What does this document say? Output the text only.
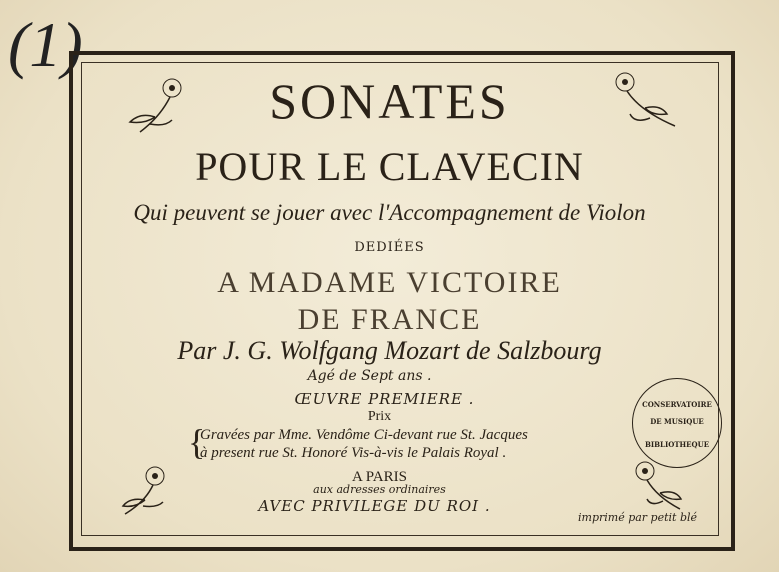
(1)
SONATES
POUR LE CLAVECIN
Qui peuvent se jouer avec l'Accompagnement de Violon
DEDIÉES
A MADAME VICTOIRE
DE FRANCE
Par J. G. Wolfgang Mozart de Salzbourg
Agé de Sept ans .
ŒUVRE PREMIERE .
Prix
{
Gravées par Mme. Vendôme Ci-devant rue St. Jacques
à present rue St. Honoré Vis-à-vis le Palais Royal .
A PARIS
aux adresses ordinaires
AVEC PRIVILEGE DU ROI .
imprimé par petit blé
CONSERVATOIRE
DE MUSIQUE
BIBLIOTHEQUE
